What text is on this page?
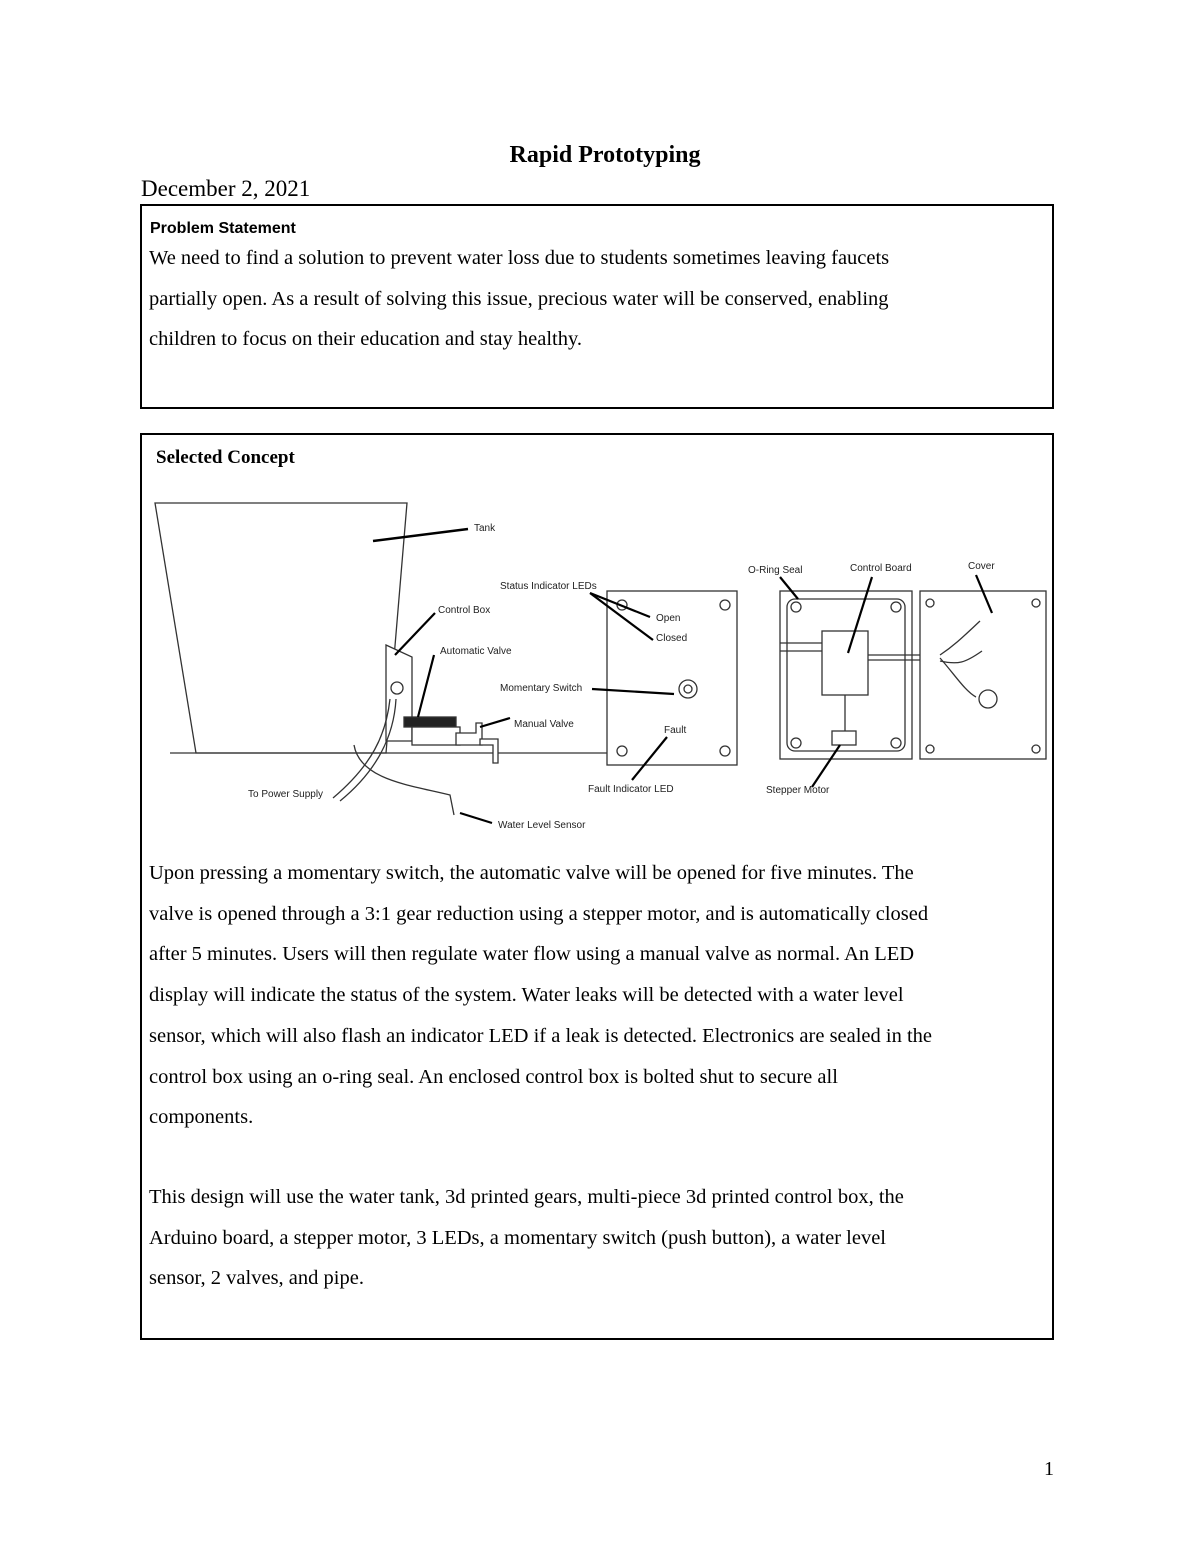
Rapid Prototyping
December 2, 2021
Problem Statement
We need to find a solution to prevent water loss due to students sometimes leaving faucets
partially open. As a result of solving this issue, precious water will be conserved, enabling
children to focus on their education and stay healthy.
Selected Concept
Tank
Control Box
Automatic Valve
Manual Valve
To Power Supply
Water Level Sensor
Status Indicator LEDs
Open
Closed
Momentary Switch
Fault
Fault Indicator LED
O-Ring Seal	Control Board
Stepper Motor
Cover
Upon pressing a momentary switch, the automatic valve will be opened for five minutes. The
valve is opened through a 3:1 gear reduction using a stepper motor, and is automatically closed
after 5 minutes. Users will then regulate water flow using a manual valve as normal. An LED
display will indicate the status of the system. Water leaks will be detected with a water level
sensor, which will also flash an indicator LED if a leak is detected. Electronics are sealed in the
control box using an o-ring seal. An enclosed control box is bolted shut to secure all
components.
This design will use the water tank, 3d printed gears, multi-piece 3d printed control box, the
Arduino board, a stepper motor, 3 LEDs, a momentary switch (push button), a water level
sensor, 2 valves, and pipe.
1
